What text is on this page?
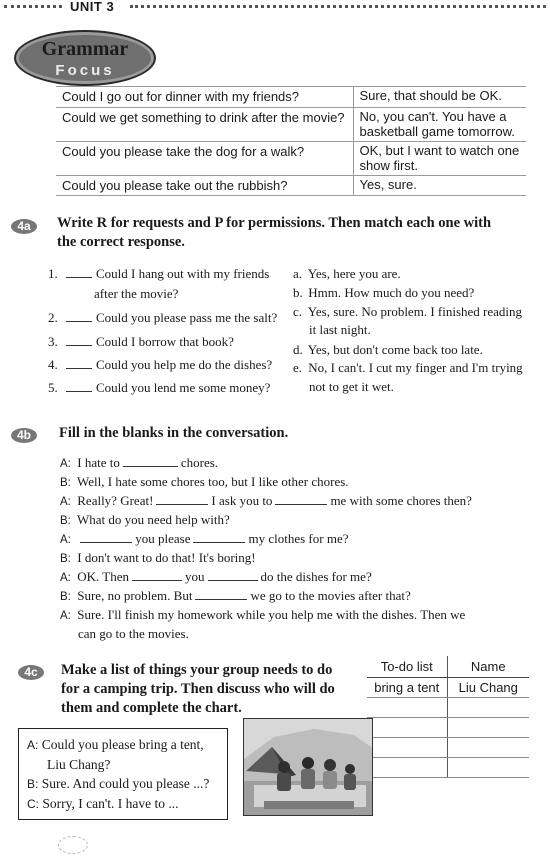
UNIT 3
Grammar
Focus
Could I go out for dinner with my friends?	Sure, that should be OK.
Could we get something to drink after the movie?	No, you can't. You have a basketball game tomorrow.
Could you please take the dog for a walk?	OK, but I want to watch one show first.
Could you please take out the rubbish?	Yes, sure.
4a	Write R for requests and P for permissions. Then match each one with
the correct response.
1.	Could I hang out with my friends
after the movie?
2.	Could you please pass me the salt?
3.	Could I borrow that book?
4.	Could you help me do the dishes?
5.	Could you lend me some money?
a. Yes, here you are.
b. Hmm. How much do you need?
c. Yes, sure. No problem. I finished reading
it last night.
d. Yes, but don't come back too late.
e. No, I can't. I cut my finger and I'm trying
not to get it wet.
4b	Fill in the blanks in the conversation.
A: I hate to	chores.
B: Well, I hate some chores too, but I like other chores.
A: Really? Great!	I ask you to	me with some chores then?
B: What do you need help with?
A:	you please	my clothes for me?
B: I don't want to do that! It's boring!
A: OK. Then	you	do the dishes for me?
B: Sure, no problem. But	we go to the movies after that?
A: Sure. I'll finish my homework while you help me with the dishes. Then we
can go to the movies.
4c	Make a list of things your group needs to do
for a camping trip. Then discuss who will do
them and complete the chart.
To-do list	Name
bring a tent	Liu Chang

A: Could you please bring a tent,
Liu Chang?
B: Sure. And could you please ...?
C: Sorry, I can't. I have to ...
